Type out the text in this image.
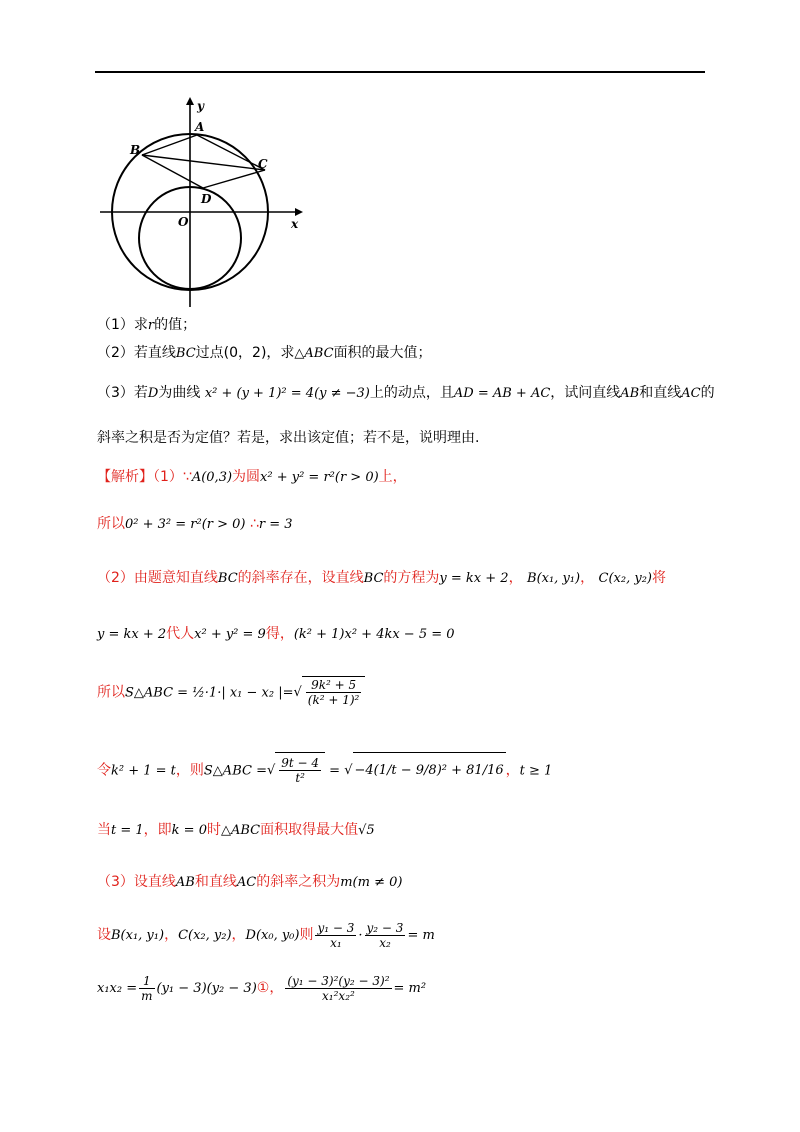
y
x
A
B
C
D
O
（1）求r的值；
（2）若直线BC过点(0，2)，求△ABC面积的最大值；
（3）若D为曲线 x² + (y + 1)² = 4(y ≠ −3)上的动点，且AD = AB + AC，试问直线AB和直线AC的
斜率之积是否为定值？若是，求出该定值；若不是，说明理由.
【解析】（1）∵A(0,3)为圆x² + y² = r²(r > 0)上，
所以0² + 3² = r²(r > 0) ∴r = 3
（2）由题意知直线BC的斜率存在，设直线BC的方程为y = kx + 2， B(x₁, y₁)， C(x₂, y₂)将
y = kx + 2代人x² + y² = 9得，(k² + 1)x² + 4kx − 5 = 0
所以S△ABC = ½·1·| x₁ − x₂ |=√ $\frac{\text{9k² + 5}}{\text{(k² + 1)²}}$
令k² + 1 = t，则S△ABC =√ $\frac{9t - 4}{\text{t²}}$ = √ −4(1/t − 9/8)² + 81/16 ，t ≥ 1
当t = 1，即k = 0时△ABC面积取得最大值√5
（3）设直线AB和直线AC的斜率之积为m(m ≠ 0)
设B(x₁, y₁)，C(x₂, y₂)，D(x₀, y₀)则 $\frac{\text{y₁ − 3}}{\text{x₁}} \cdot \frac{\text{y₂ − 3}}{\text{x₂}} = m$
$x_1x_2 = \frac{1}{m} (y_1 - 3)(y_2$ − 3)①， $\frac{\text{(y₁ − 3)²(y₂ − 3)²}}{\text{x₁²x₂²}} = m^2$
